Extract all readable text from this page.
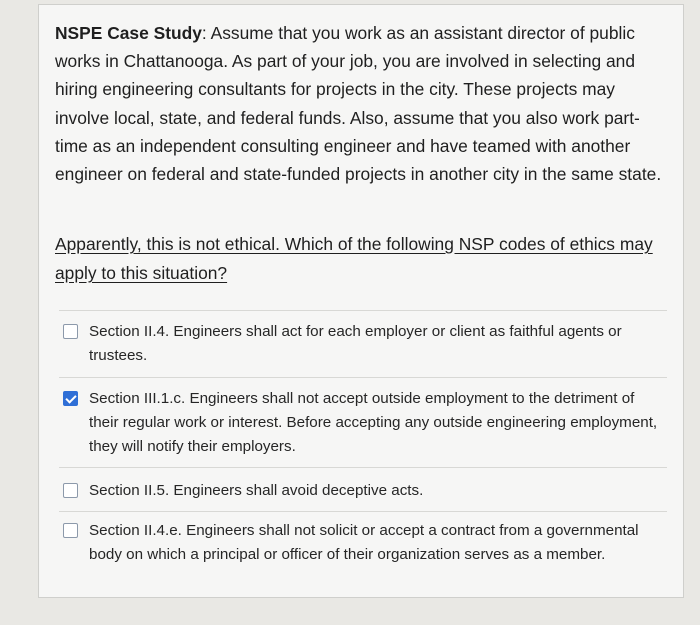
NSPE Case Study: Assume that you work as an assistant director of public works in Chattanooga. As part of your job, you are involved in selecting and hiring engineering consultants for projects in the city. These projects may involve local, state, and federal funds. Also, assume that you also work part-time as an independent consulting engineer and have teamed with another engineer on federal and state-funded projects in another city in the same state.

Apparently, this is not ethical. Which of the following NSP codes of ethics may apply to this situation?

Section II.4. Engineers shall act for each employer or client as faithful agents or trustees.
Section III.1.c. Engineers shall not accept outside employment to the detriment of their regular work or interest. Before accepting any outside engineering employment, they will notify their employers.
Section II.5. Engineers shall avoid deceptive acts.
Section II.4.e. Engineers shall not solicit or accept a contract from a governmental body on which a principal or officer of their organization serves as a member.
